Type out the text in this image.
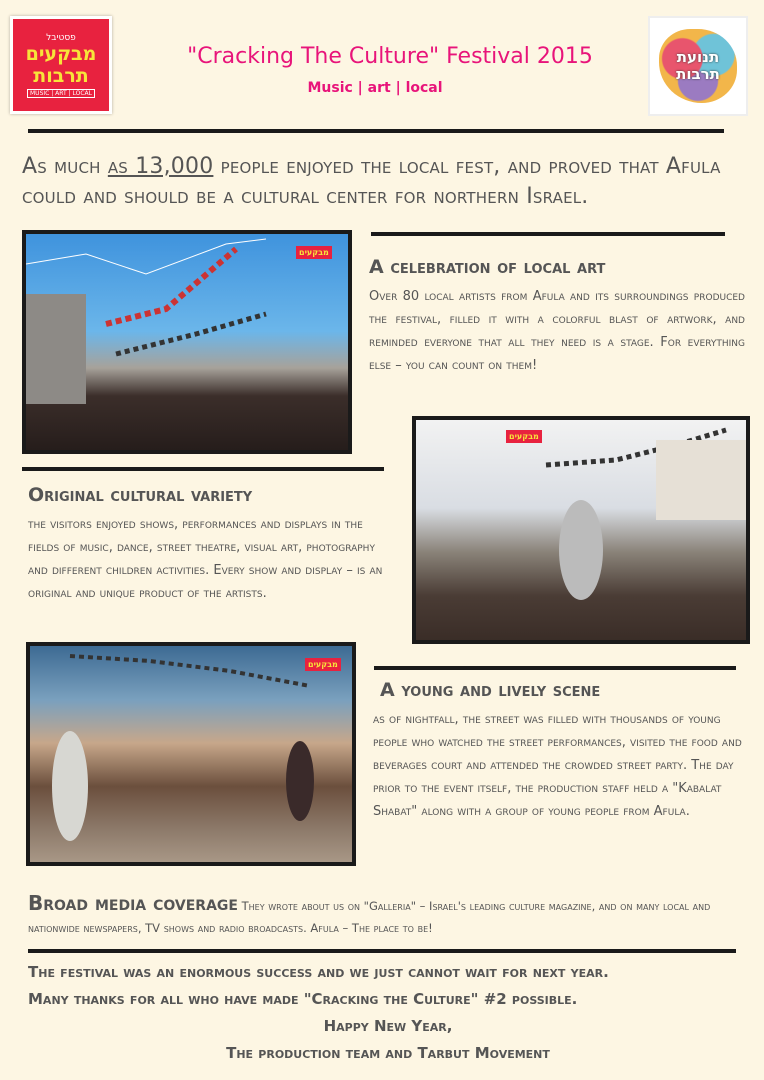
פסטיבל
מבקעים
תרבות
MUSIC | ART | LOCAL
תנועת
תרבות
"Cracking The Culture" Festival 2015
Music | art | local
As much as 13,000 people enjoyed the local fest, and proved that Afula could and should be a cultural center for northern Israel.
מבקעים
A celebration of local art
Over 80 local artists from Afula and its surroundings produced the festival, filled it with a colorful blast of artwork, and reminded everyone that all they need is a stage. For everything else – you can count on them!
מבקעים
Original cultural variety
the visitors enjoyed shows, performances and displays in the fields of music, dance, street theatre, visual art, photography and different children activities. Every show and display – is an original and unique product of the artists.
מבקעים
A young and lively scene
as of nightfall, the street was filled with thousands of young people who watched the street performances, visited the food and beverages court and attended the crowded street party. The day prior to the event itself, the production staff held a "Kabalat Shabat" along with a group of young people from Afula.
Broad media coverage They wrote about us on "Galleria" – Israel's leading culture magazine, and on many local and nationwide newspapers, TV shows and radio broadcasts. Afula – The place to be!
The festival was an enormous success and we just cannot wait for next year.
Many thanks for all who have made "Cracking the Culture" #2 possible.
Happy New Year,
The production team and Tarbut Movement
